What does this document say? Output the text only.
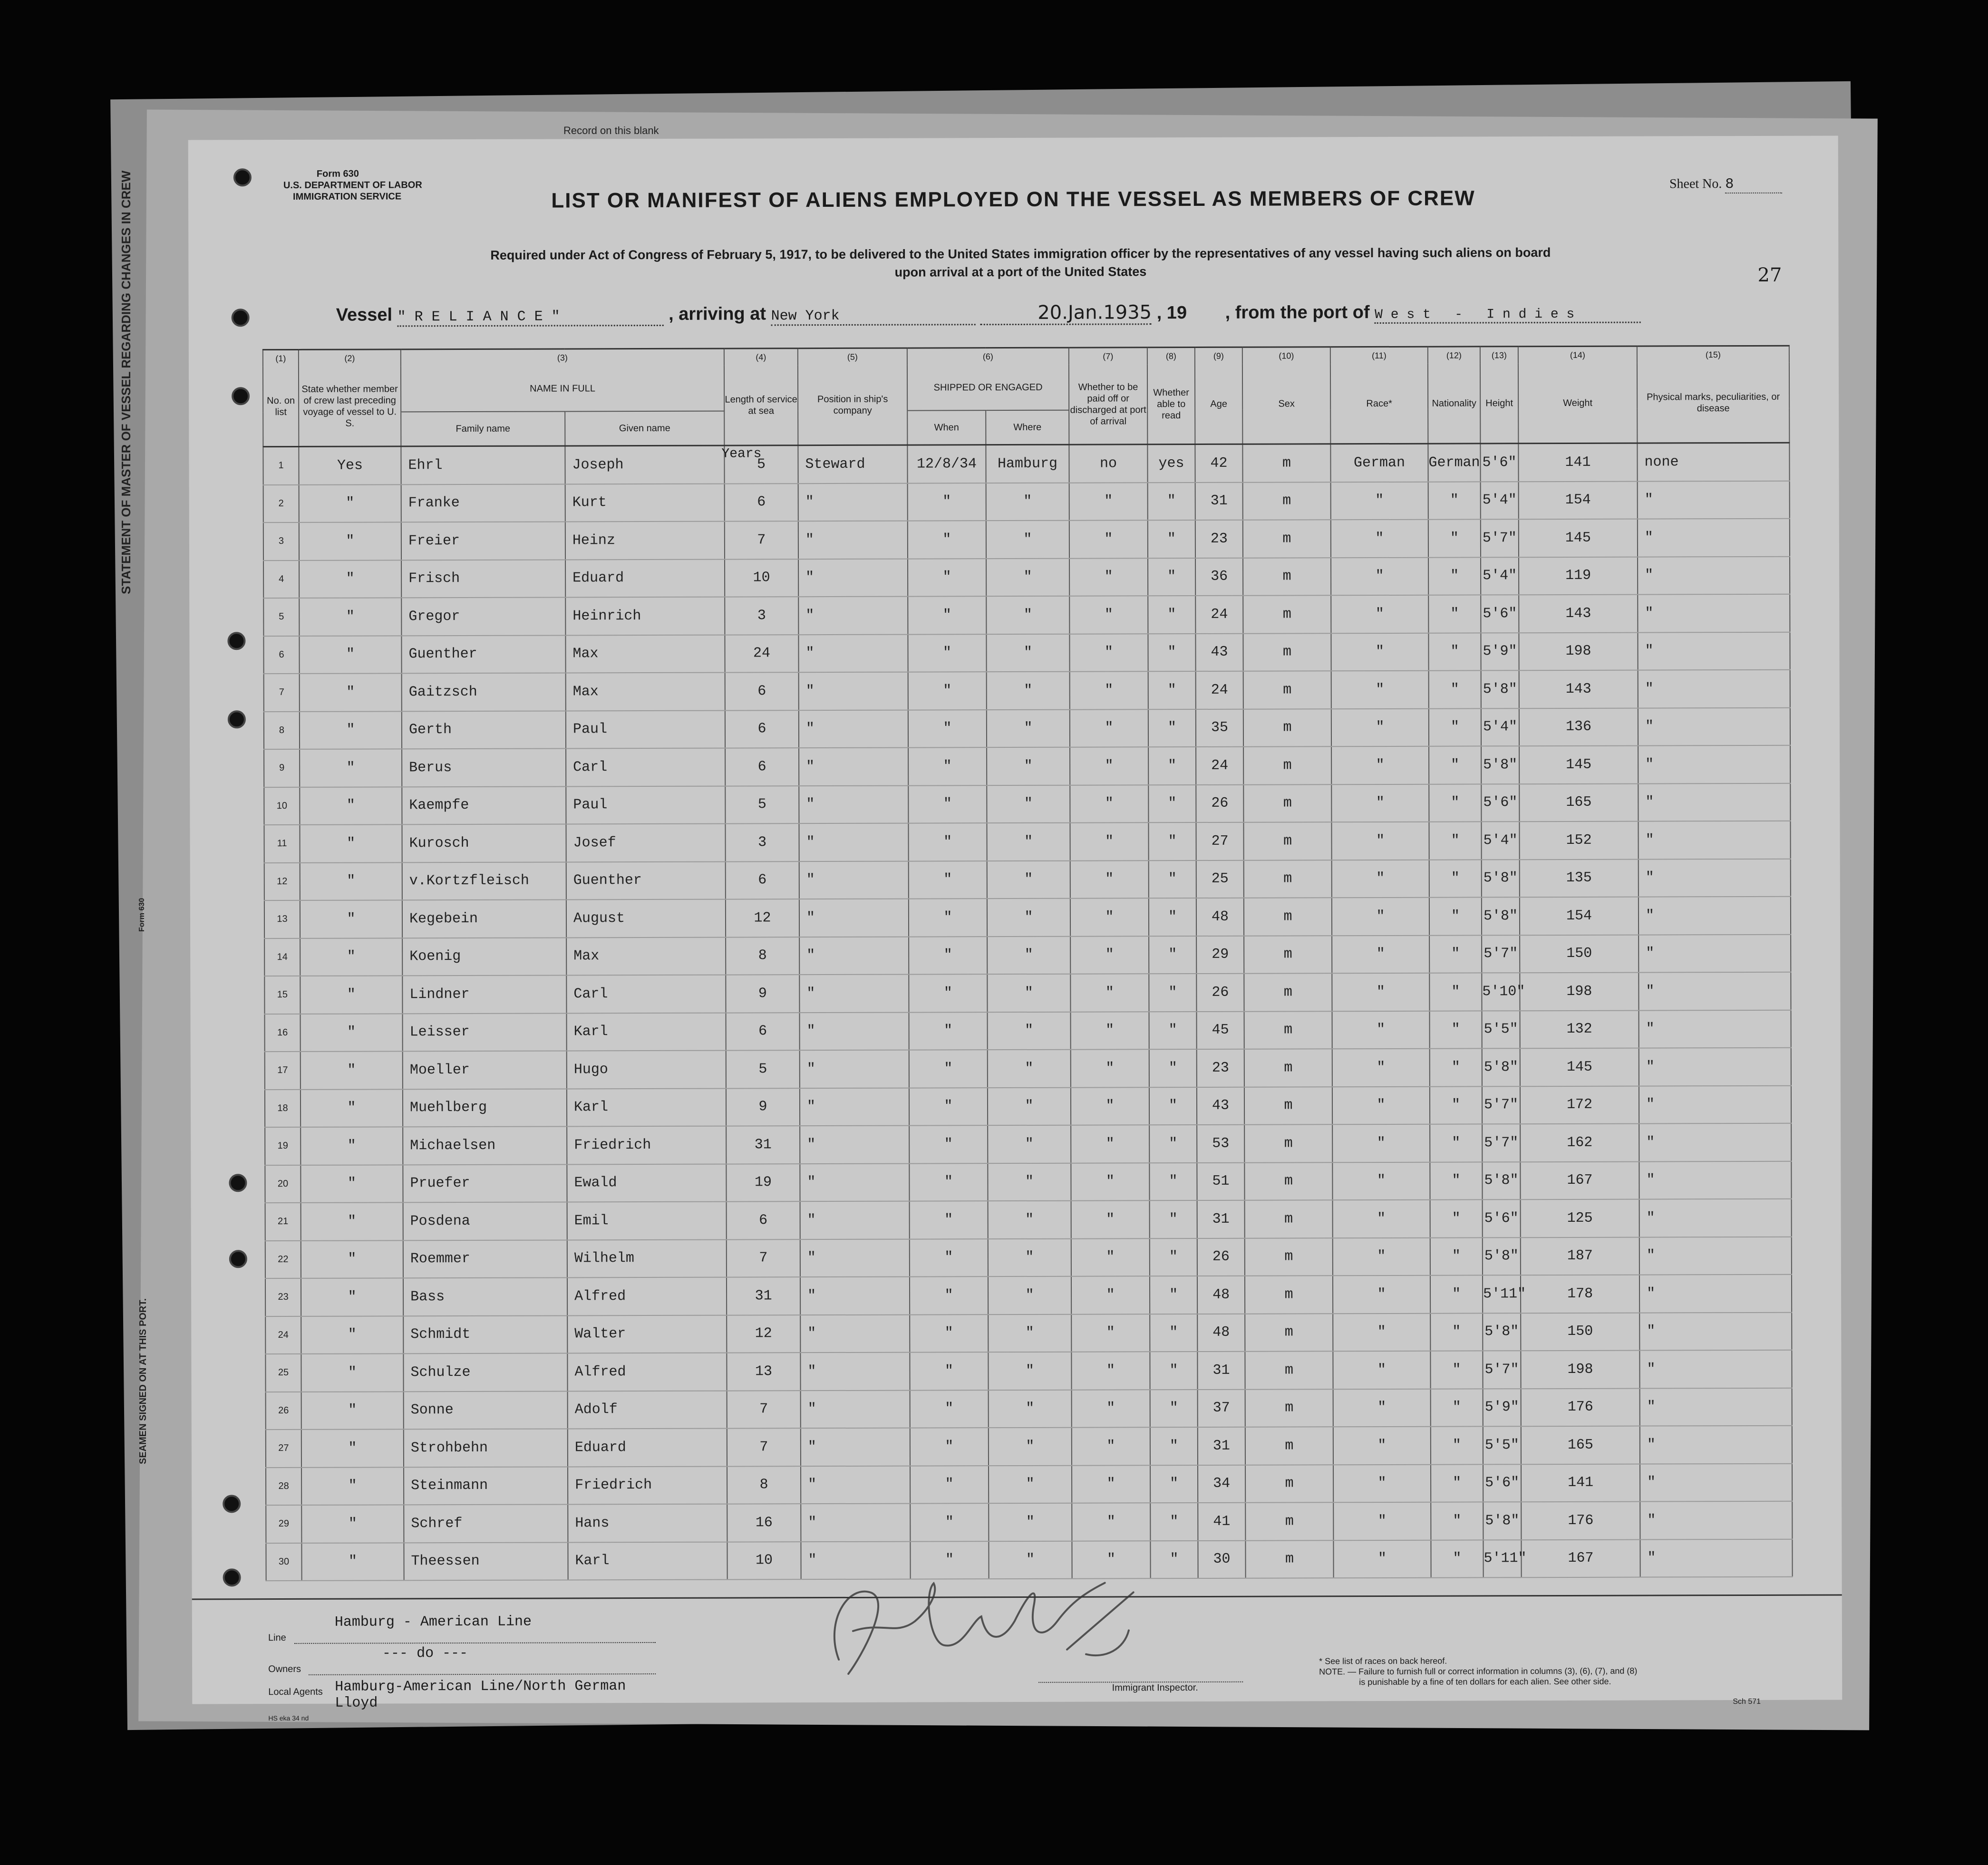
STATEMENT OF MASTER OF VESSEL REGARDING CHANGES IN CREW
SEAMEN SIGNED ON AT THIS PORT.
Form 630
Record on this blank
Form 630
U.S. DEPARTMENT OF LABOR
IMMIGRATION SERVICE
Sheet No. 8
27
LIST OR MANIFEST OF ALIENS EMPLOYED ON THE VESSEL AS MEMBERS OF CREW
Required under Act of Congress of February 5, 1917, to be delivered to the United States immigration officer by the representatives of any vessel having such aliens on board
upon arrival at a port of the United States
Vessel " R E L I A N C E "	, arriving at New York	20.Jan.1935 , 19 , from the port of W e s t   -   I n d i e s
(1)	(2)	(3)		(4)	(5)	(6)		(7)	(8)	(9)	(10)	(11)	(12)	(13)	(14)	(15)	
No. on list	State whether member of crew last preceding voyage of vessel to U. S.	NAME IN FULL		Length of service at sea	Position in ship's company	SHIPPED OR ENGAGED		Whether to be paid off or discharged at port of arrival	Whether able to read	Age	Sex	Race*	Nationality	Height	Weight	Physical marks, peculiarities, or disease	
		Family name	Given name			When	Where										
1	Yes	Ehrl	Joseph	5	Steward	12/8/34	Hamburg	no	yes	42	m	German	German	5'6"	141	none	
2	"	Franke	Kurt	6	"	"	"	"	"	31	m	"	"	5'4"	154	"	
3	"	Freier	Heinz	7	"	"	"	"	"	23	m	"	"	5'7"	145	"	
4	"	Frisch	Eduard	10	"	"	"	"	"	36	m	"	"	5'4"	119	"	
5	"	Gregor	Heinrich	3	"	"	"	"	"	24	m	"	"	5'6"	143	"	
6	"	Guenther	Max	24	"	"	"	"	"	43	m	"	"	5'9"	198	"	
7	"	Gaitzsch	Max	6	"	"	"	"	"	24	m	"	"	5'8"	143	"	
8	"	Gerth	Paul	6	"	"	"	"	"	35	m	"	"	5'4"	136	"	
9	"	Berus	Carl	6	"	"	"	"	"	24	m	"	"	5'8"	145	"	
10	"	Kaempfe	Paul	5	"	"	"	"	"	26	m	"	"	5'6"	165	"	
11	"	Kurosch	Josef	3	"	"	"	"	"	27	m	"	"	5'4"	152	"	
12	"	v.Kortzfleisch	Guenther	6	"	"	"	"	"	25	m	"	"	5'8"	135	"	
13	"	Kegebein	August	12	"	"	"	"	"	48	m	"	"	5'8"	154	"	
14	"	Koenig	Max	8	"	"	"	"	"	29	m	"	"	5'7"	150	"	
15	"	Lindner	Carl	9	"	"	"	"	"	26	m	"	"	5'10"	198	"	
16	"	Leisser	Karl	6	"	"	"	"	"	45	m	"	"	5'5"	132	"	
17	"	Moeller	Hugo	5	"	"	"	"	"	23	m	"	"	5'8"	145	"	
18	"	Muehlberg	Karl	9	"	"	"	"	"	43	m	"	"	5'7"	172	"	
19	"	Michaelsen	Friedrich	31	"	"	"	"	"	53	m	"	"	5'7"	162	"	
20	"	Pruefer	Ewald	19	"	"	"	"	"	51	m	"	"	5'8"	167	"	
21	"	Posdena	Emil	6	"	"	"	"	"	31	m	"	"	5'6"	125	"	
22	"	Roemmer	Wilhelm	7	"	"	"	"	"	26	m	"	"	5'8"	187	"	
23	"	Bass	Alfred	31	"	"	"	"	"	48	m	"	"	5'11"	178	"	
24	"	Schmidt	Walter	12	"	"	"	"	"	48	m	"	"	5'8"	150	"	
25	"	Schulze	Alfred	13	"	"	"	"	"	31	m	"	"	5'7"	198	"	
26	"	Sonne	Adolf	7	"	"	"	"	"	37	m	"	"	5'9"	176	"	
27	"	Strohbehn	Eduard	7	"	"	"	"	"	31	m	"	"	5'5"	165	"	
28	"	Steinmann	Friedrich	8	"	"	"	"	"	34	m	"	"	5'6"	141	"	
29	"	Schref	Hans	16	"	"	"	"	"	41	m	"	"	5'8"	176	"	
30	"	Theessen	Karl	10	"	"	"	"	"	30	m	"	"	5'11"	167	"	
Years
Hamburg - American Line
Line
--- do ---
Owners
Local Agents Hamburg-American Line/North German Lloyd
HS eka 34 nd
Immigrant Inspector.
* See list of races on back hereof.
NOTE. — Failure to furnish full or correct information in columns (3), (6), (7), and (8)
is punishable by a fine of ten dollars for each alien. See other side.
Sch 571
